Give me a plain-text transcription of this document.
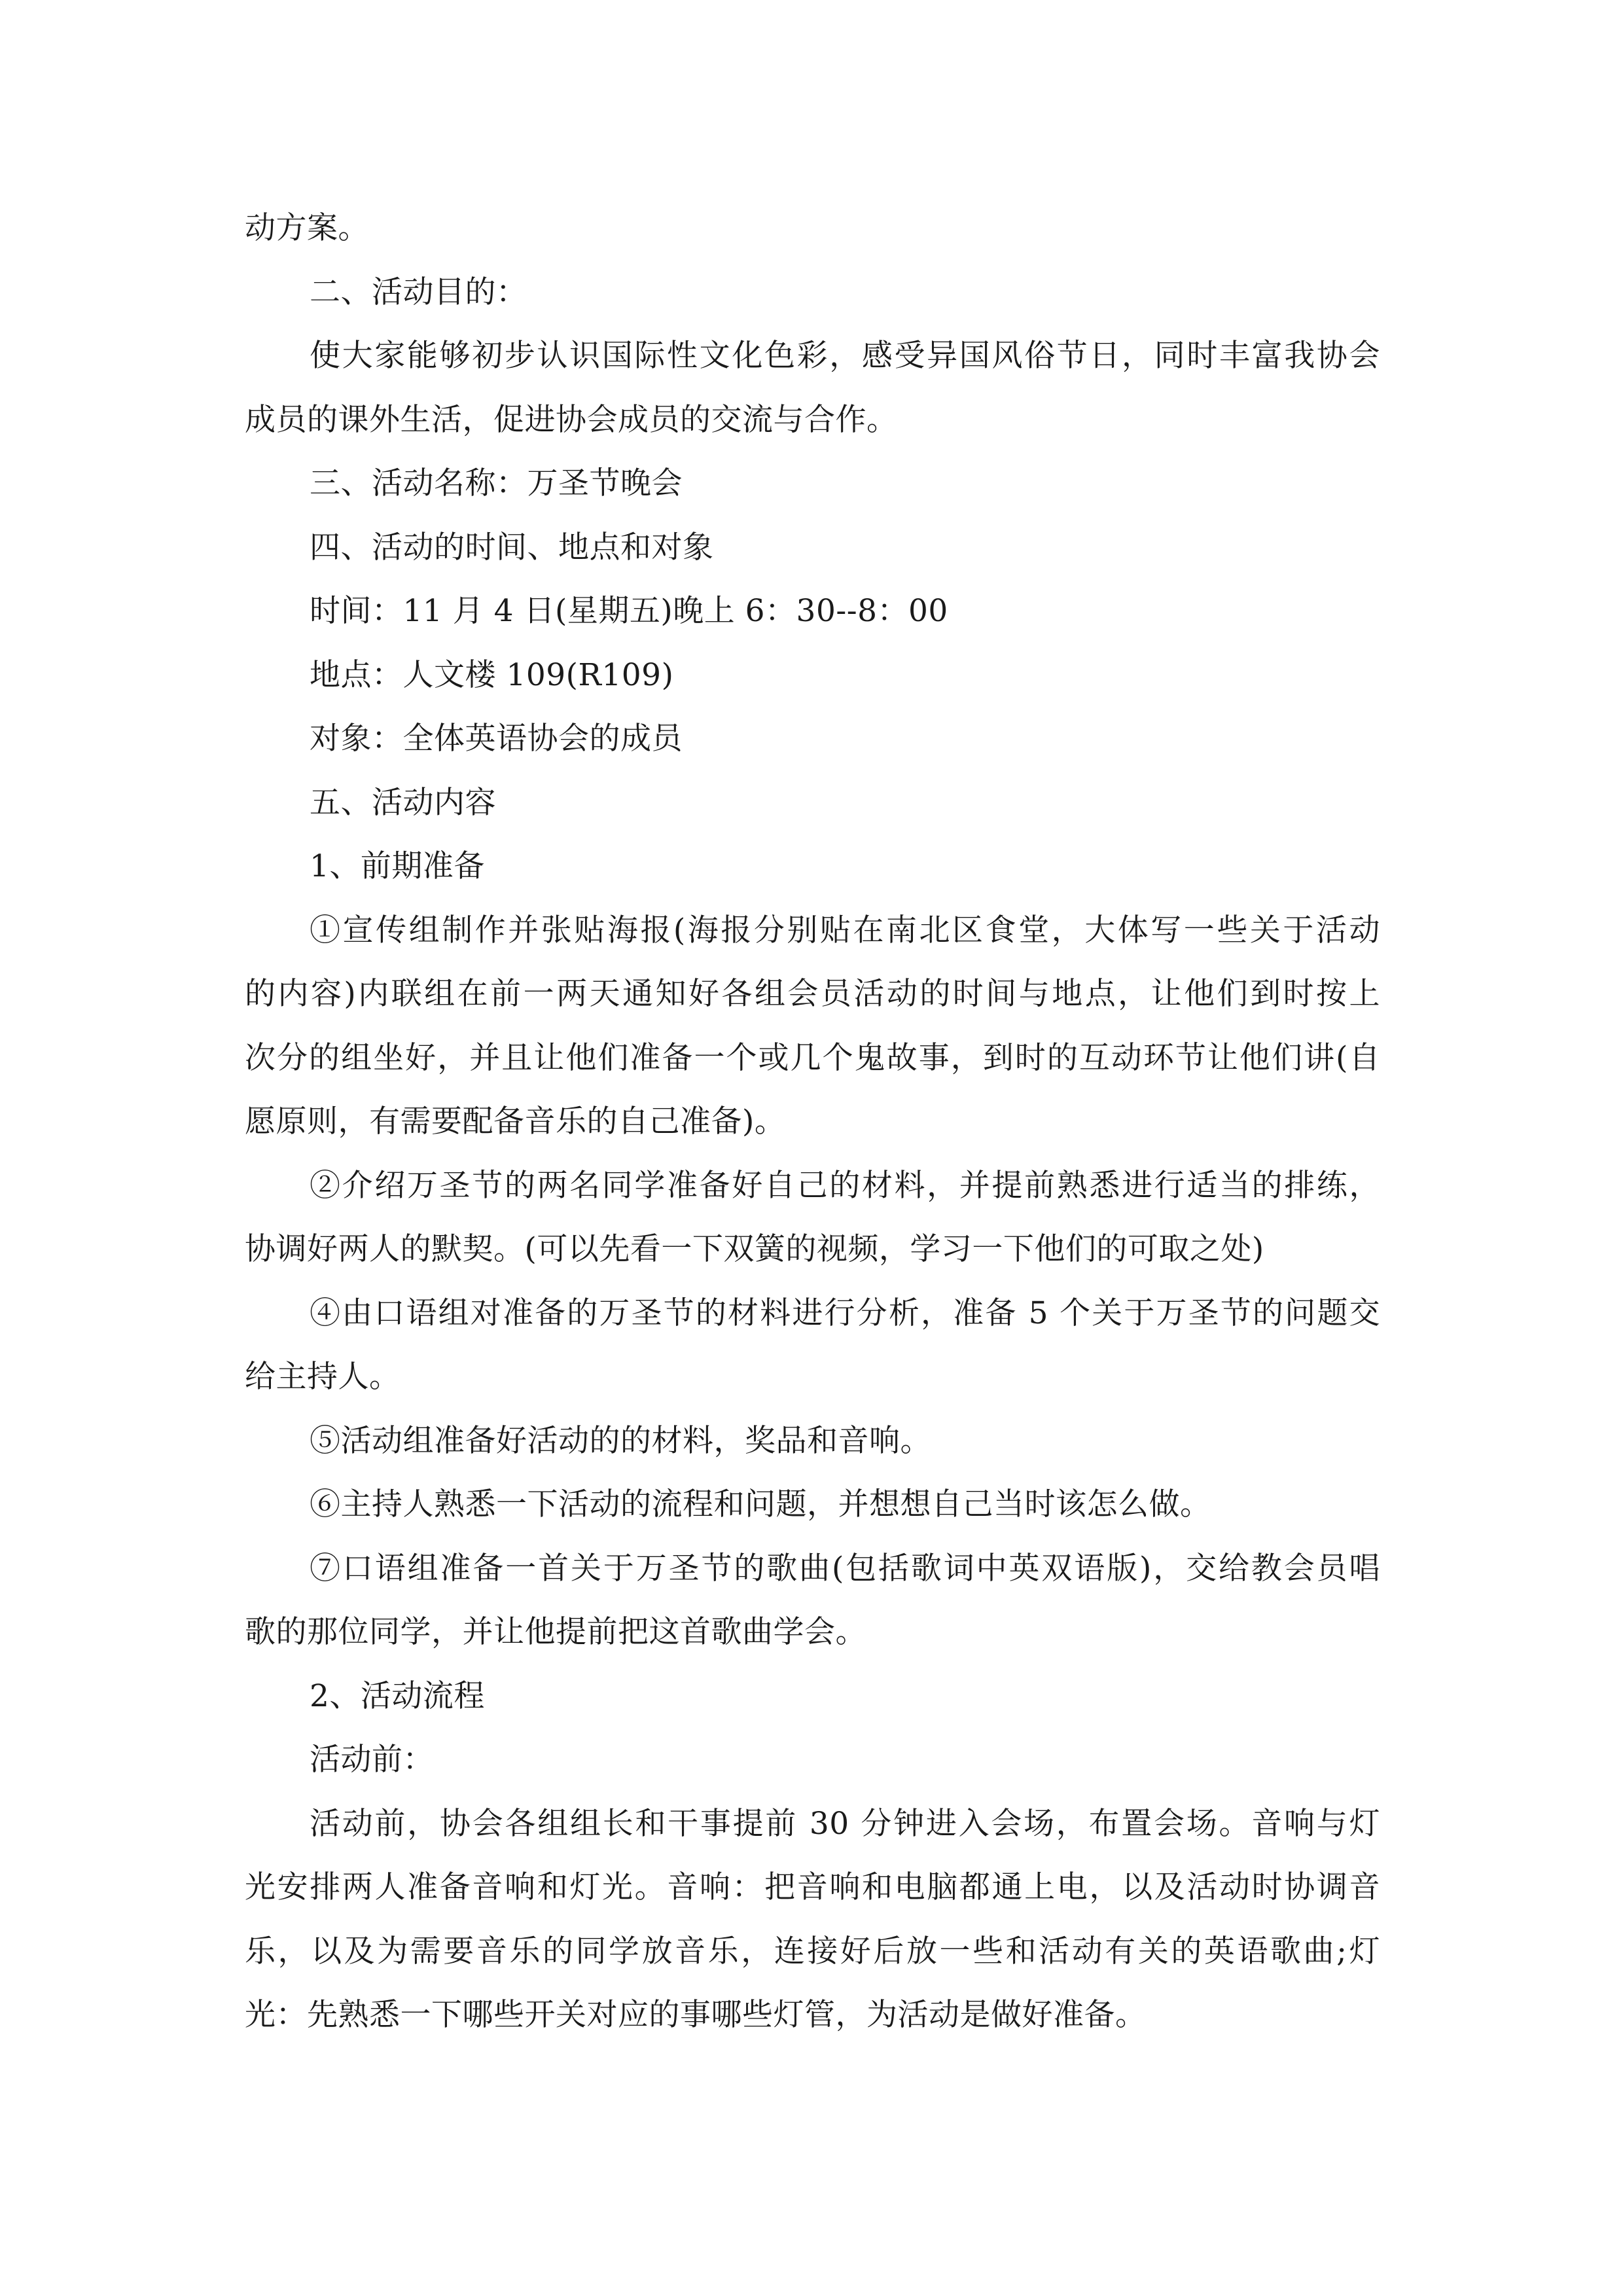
动方案。
二、活动目的：
使大家能够初步认识国际性文化色彩，感受异国风俗节日，同时丰富我协会
成员的课外生活，促进协会成员的交流与合作。
三、活动名称：万圣节晚会
四、活动的时间、地点和对象
时间：11 月 4 日(星期五)晚上 6：30--8：00
地点：人文楼 109(R109)
对象：全体英语协会的成员
五、活动内容
1、前期准备
①宣传组制作并张贴海报(海报分别贴在南北区食堂，大体写一些关于活动
的内容)内联组在前一两天通知好各组会员活动的时间与地点，让他们到时按上
次分的组坐好，并且让他们准备一个或几个鬼故事，到时的互动环节让他们讲(自
愿原则，有需要配备音乐的自己准备)。
②介绍万圣节的两名同学准备好自己的材料，并提前熟悉进行适当的排练，
协调好两人的默契。(可以先看一下双簧的视频，学习一下他们的可取之处)
④由口语组对准备的万圣节的材料进行分析，准备 5 个关于万圣节的问题交
给主持人。
⑤活动组准备好活动的的材料，奖品和音响。
⑥主持人熟悉一下活动的流程和问题，并想想自己当时该怎么做。
⑦口语组准备一首关于万圣节的歌曲(包括歌词中英双语版)，交给教会员唱
歌的那位同学，并让他提前把这首歌曲学会。
2、活动流程
活动前：
活动前，协会各组组长和干事提前 30 分钟进入会场，布置会场。音响与灯
光安排两人准备音响和灯光。音响：把音响和电脑都通上电，以及活动时协调音
乐，以及为需要音乐的同学放音乐，连接好后放一些和活动有关的英语歌曲;灯
光：先熟悉一下哪些开关对应的事哪些灯管，为活动是做好准备。
